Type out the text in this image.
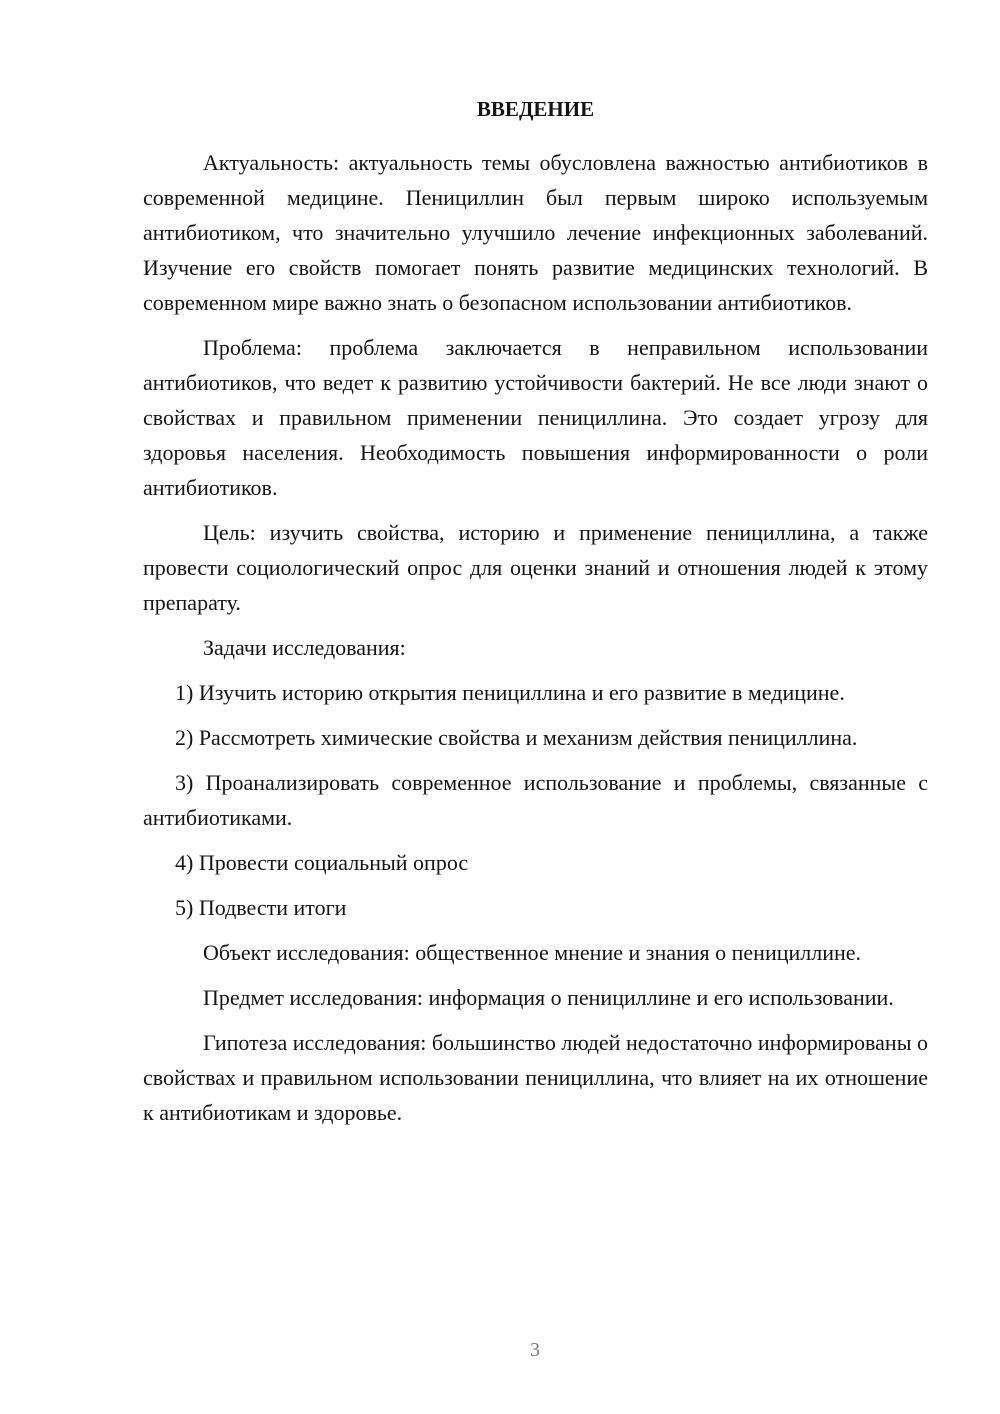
ВВЕДЕНИЕ

Актуальность: актуальность темы обусловлена важностью антибиотиков в современной медицине. Пенициллин был первым широко используемым антибиотиком, что значительно улучшило лечение инфекционных заболеваний. Изучение его свойств помогает понять развитие медицинских технологий. В современном мире важно знать о безопасном использовании антибиотиков.

Проблема: проблема заключается в неправильном использовании антибиотиков, что ведет к развитию устойчивости бактерий. Не все люди знают о свойствах и правильном применении пенициллина. Это создает угрозу для здоровья населения. Необходимость повышения информированности о роли антибиотиков.

Цель: изучить свойства, историю и применение пенициллина, а также провести социологический опрос для оценки знаний и отношения людей к этому препарату.

Задачи исследования:

1) Изучить историю открытия пенициллина и его развитие в медицине.

2) Рассмотреть химические свойства и механизм действия пенициллина.

3) Проанализировать современное использование и проблемы, связанные с антибиотиками.

4) Провести социальный опрос

5) Подвести итоги

Объект исследования: общественное мнение и знания о пенициллине.

Предмет исследования: информация о пенициллине и его использовании.

Гипотеза исследования: большинство людей недостаточно информированы о свойствах и правильном использовании пенициллина, что влияет на их отношение к антибиотикам и здоровье.

3
